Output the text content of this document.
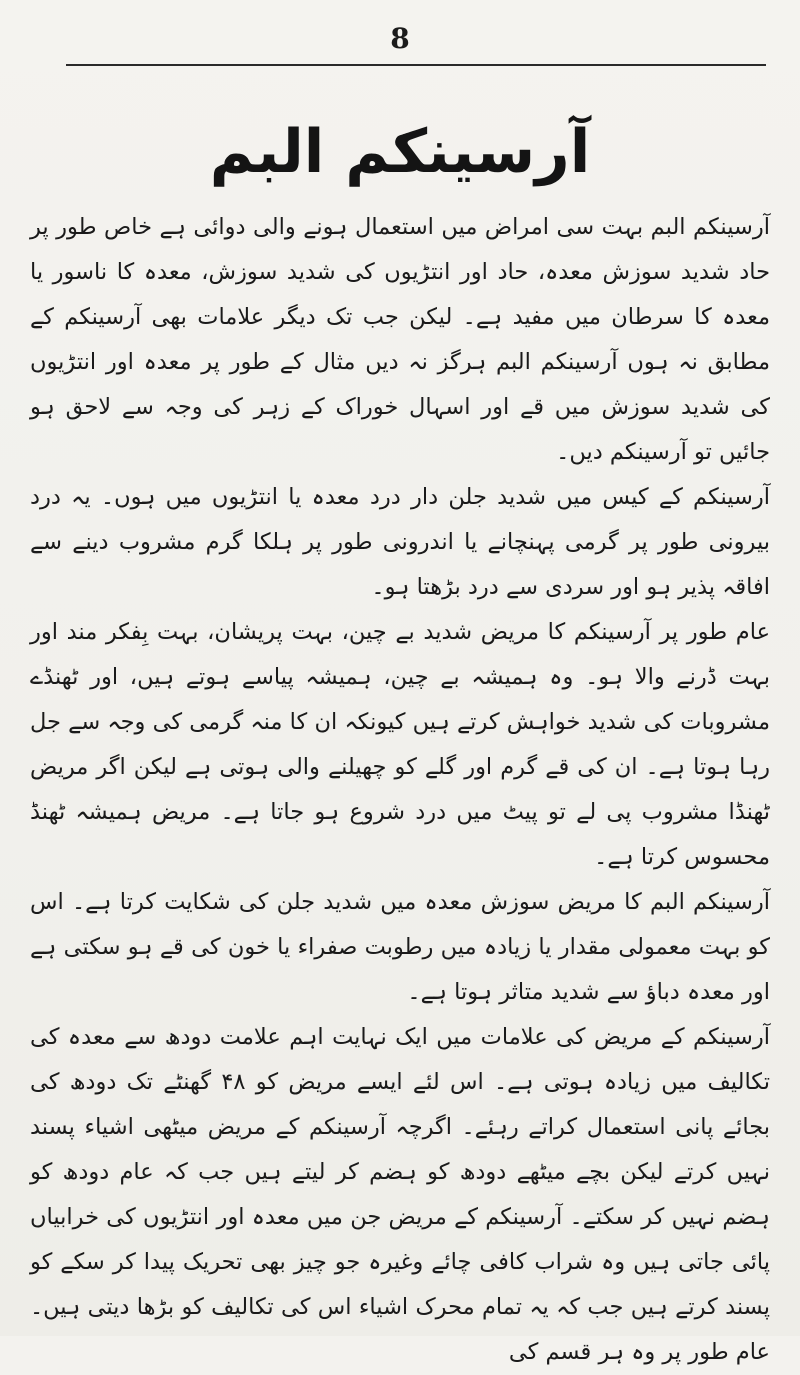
8
آرسینکم البم

آرسینکم البم بہت سی امراض میں استعمال ہونے والی دوائی ہے خاص طور پر حاد شدید سوزش معدہ، حاد اور انتڑیوں کی شدید سوزش، معدہ کا ناسور یا معدہ کا سرطان میں مفید ہے۔ لیکن جب تک دیگر علامات بھی آرسینکم کے مطابق نہ ہوں آرسینکم البم ہرگز نہ دیں مثال کے طور پر معدہ اور انتڑیوں کی شدید سوزش میں قے اور اسہال خوراک کے زہر کی وجہ سے لاحق ہو جائیں تو آرسینکم دیں۔

آرسینکم کے کیس میں شدید جلن دار درد معدہ یا انتڑیوں میں ہوں۔ یہ درد بیرونی طور پر گرمی پہنچانے یا اندرونی طور پر ہلکا گرم مشروب دینے سے افاقہ پذیر ہو اور سردی سے درد بڑھتا ہو۔

عام طور پر آرسینکم کا مریض شدید بے چین، بہت پریشان، بہت بِفکر مند اور بہت ڈرنے والا ہو۔ وہ ہمیشہ بے چین، ہمیشہ پیاسے ہوتے ہیں، اور ٹھنڈے مشروبات کی شدید خواہش کرتے ہیں کیونکہ ان کا منہ گرمی کی وجہ سے جل رہا ہوتا ہے۔ ان کی قے گرم اور گلے کو چھیلنے والی ہوتی ہے لیکن اگر مریض ٹھنڈا مشروب پی لے تو پیٹ میں درد شروع ہو جاتا ہے۔ مریض ہمیشہ ٹھنڈ محسوس کرتا ہے۔

آرسینکم البم کا مریض سوزش معدہ میں شدید جلن کی شکایت کرتا ہے۔ اس کو بہت معمولی مقدار یا زیادہ میں رطوبت صفراء یا خون کی قے ہو سکتی ہے اور معدہ دباؤ سے شدید متاثر ہوتا ہے۔

آرسینکم کے مریض کی علامات میں ایک نہایت اہم علامت دودھ سے معدہ کی تکالیف میں زیادہ ہوتی ہے۔ اس لئے ایسے مریض کو ۴۸ گھنٹے تک دودھ کی بجائے پانی استعمال کراتے رہئے۔ اگرچہ آرسینکم کے مریض میٹھی اشیاء پسند نہیں کرتے لیکن بچے میٹھے دودھ کو ہضم کر لیتے ہیں جب کہ عام دودھ کو ہضم نہیں کر سکتے۔ آرسینکم کے مریض جن میں معدہ اور انتڑیوں کی خرابیاں پائی جاتی ہیں وہ شراب کافی چائے وغیرہ جو چیز بھی تحریک پیدا کر سکے کو پسند کرتے ہیں جب کہ یہ تمام محرک اشیاء اس کی تکالیف کو بڑھا دیتی ہیں۔ عام طور پر وہ ہر قسم کی
